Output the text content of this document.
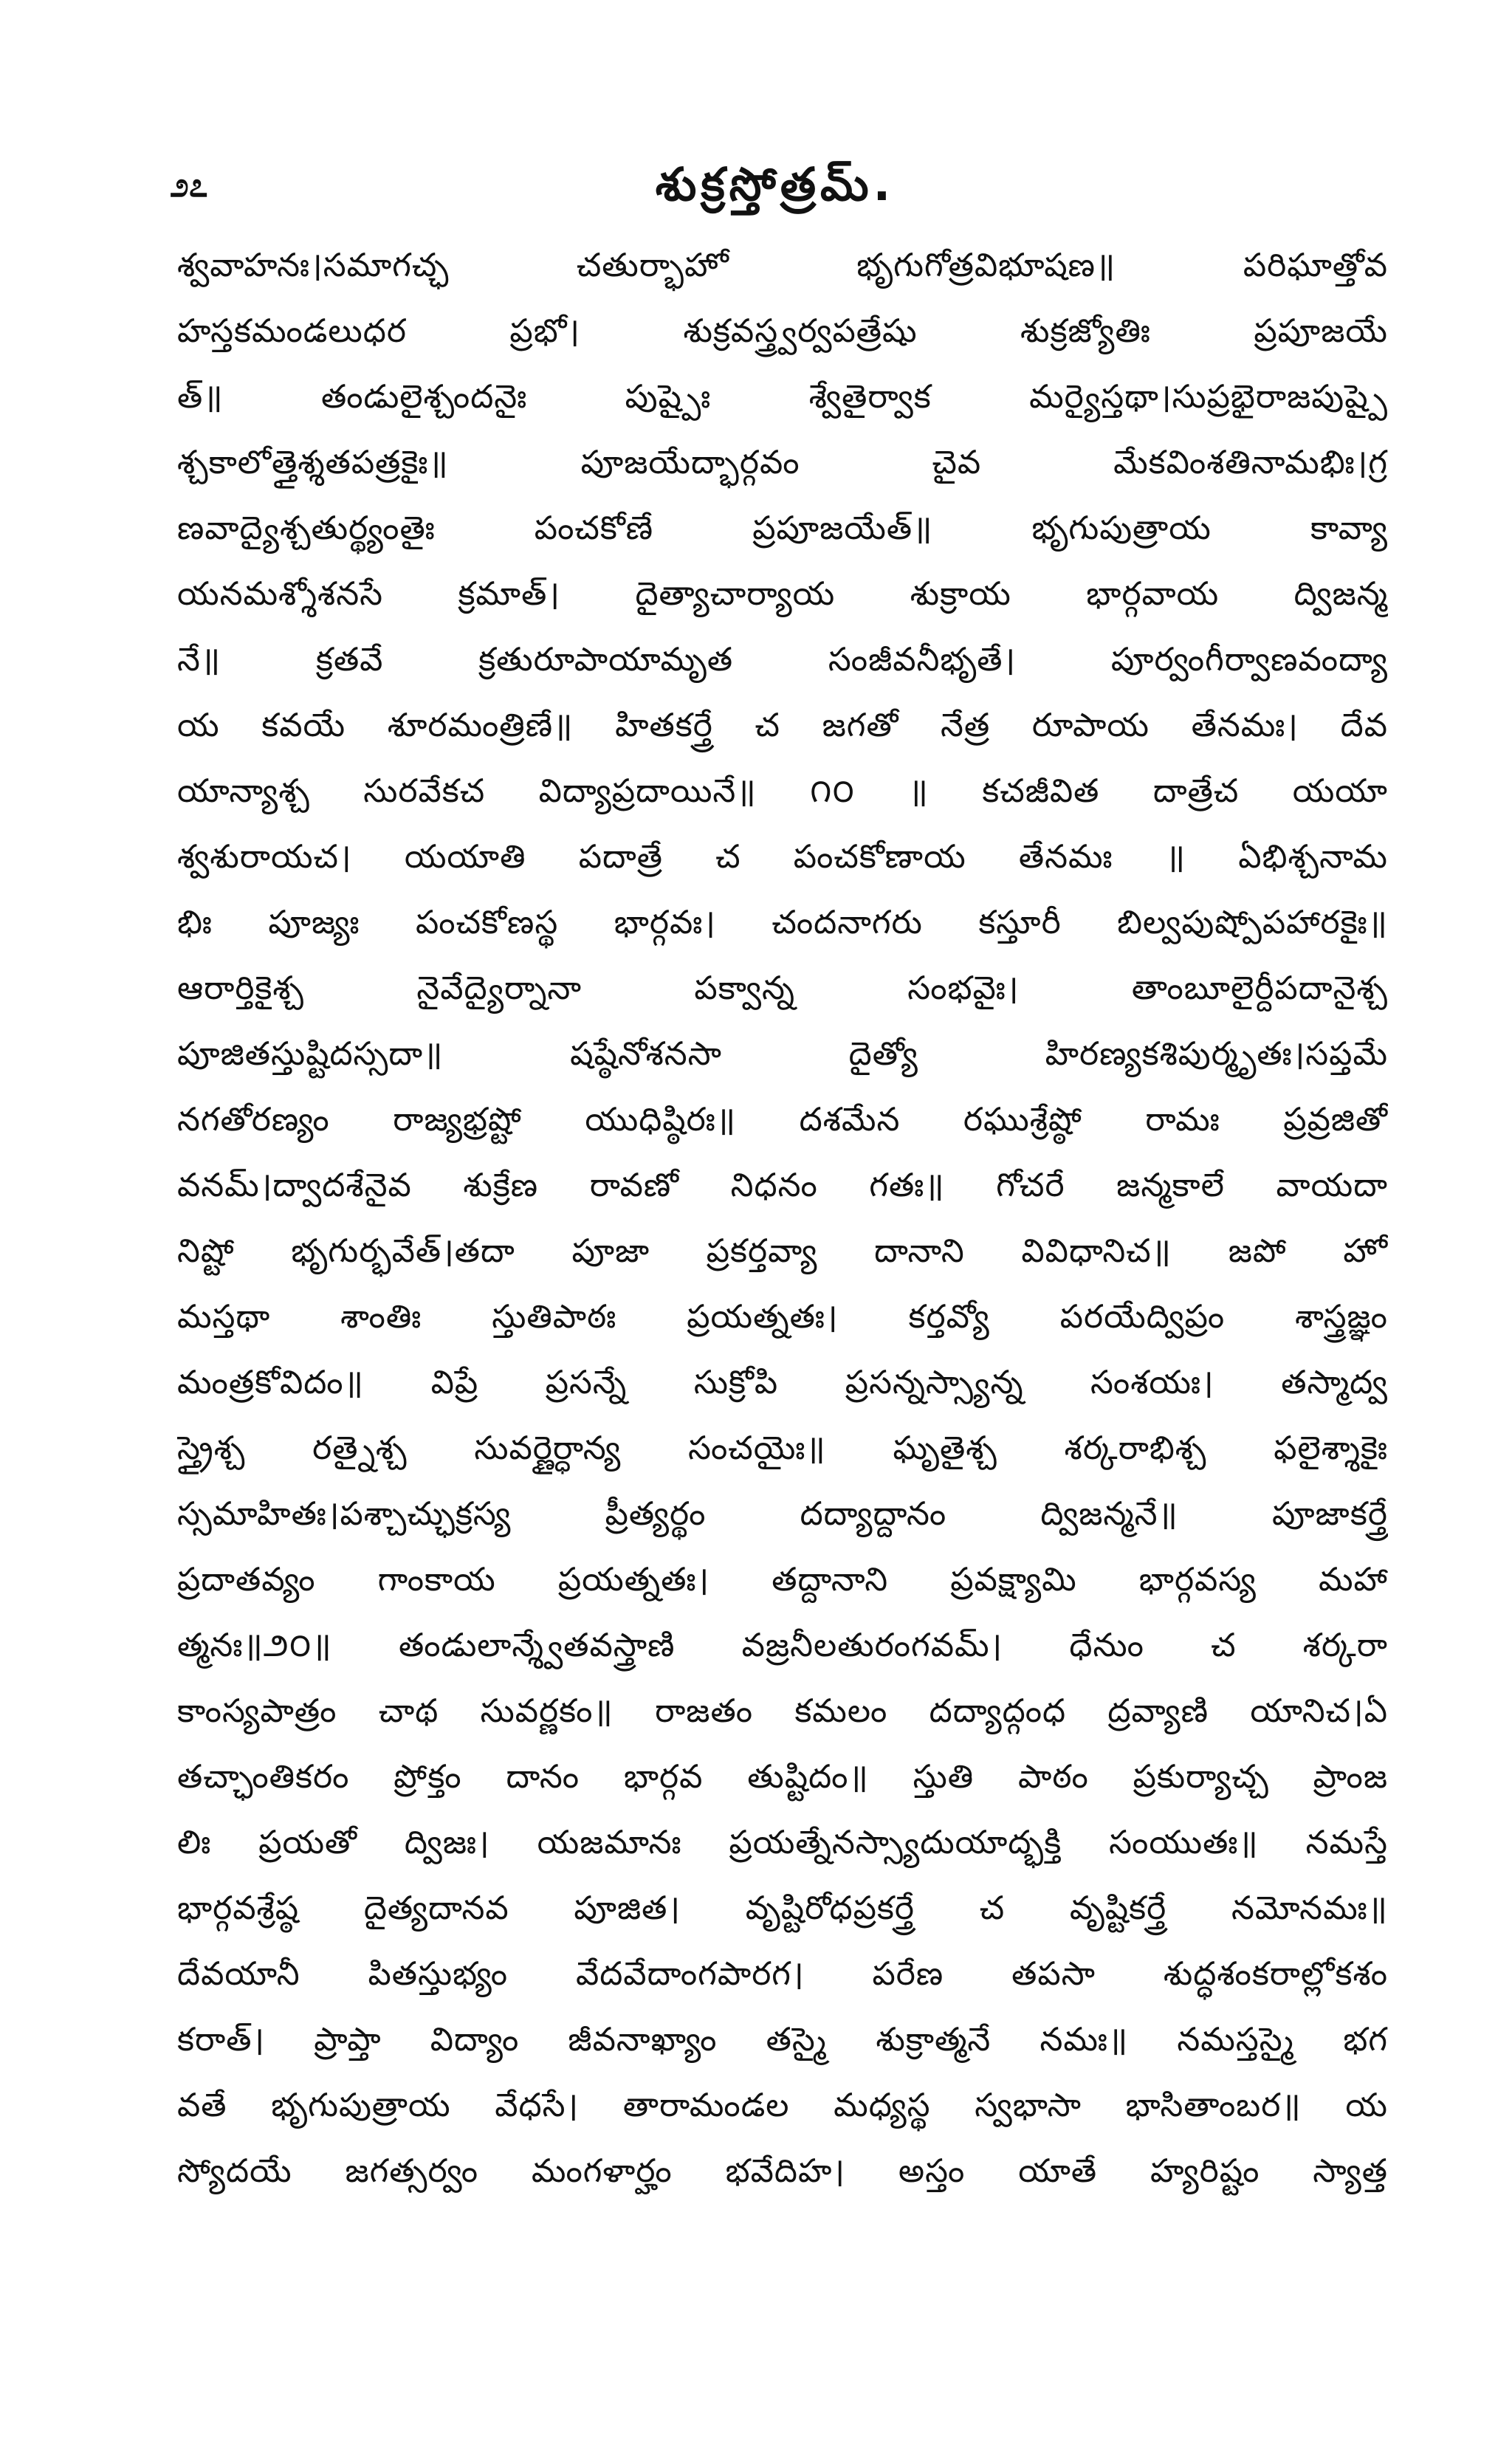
೨೭	శుక్రస్తోత్రమ్.
శ్వవాహనః।సమాగచ్ఛ చతుర్భాహో భృగుగోత్రవిభూషణ॥ పరిఘాత్తోవ
హస్తకమండలుధర ప్రభో। శుక్రవస్త్ర్వర్వపత్రేషు శుక్రజ్యోతిః ప్రపూజయే
త్॥ తండులైశ్చందనైః పుష్పైః శ్వేతైర్వాక మర్యైస్తథా।సుప్రభైరాజపుష్పై
శ్చకాలోత్తైశ్శతపత్రకైః॥ పూజయేద్భార్గవం చైవ మేకవింశతినామభిః।గ్ర
ణవాద్యైశ్చతుర్థ్యంతైః పంచకోణే ప్రపూజయేత్॥ భృగుపుత్రాయ కావ్యా
యనమశ్శోశనసే క్రమాత్। దైత్యాచార్యాయ శుక్రాయ భార్గవాయ ద్విజన్మ
నే॥ క్రతవే క్రతురూపాయామృత సంజీవనీభృతే। పూర్వంగీర్వాణవంద్యా
య కవయే శూరమంత్రిణే॥ హితకర్త్రే చ జగతో నేత్ర రూపాయ తేనమః। దేవ
యాన్యాశ్చ సురవేకచ విద్యాప్రదాయినే॥ ౧౦ ॥ కచజీవిత దాత్రేచ యయా
శ్వశురాయచ। యయాతి పదాత్రే చ పంచకోణాయ తేనమః ॥ ఏభిశ్చనామ
భిః పూజ్యః పంచకోణస్థ భార్గవః। చందనాగరు కస్తూరీ బిల్వపుష్పోపహారకైః॥
ఆరార్తికైశ్చ నైవేద్యైర్నానా పక్వాన్న సంభవైః। తాంబూలైర్దీపదానైశ్చ
పూజితస్తుష్టిదస్సదా॥ షష్ఠేనోశనసా దైత్యో హిరణ్యకశిపుర్మృతః।సప్తమే
నగతోరణ్యం రాజ్యభ్రష్టో యుధిష్ఠిరః॥ దశమేన రఘుశ్రేష్ఠో రామః ప్రవ్రజితో
వనమ్।ద్వాదశేనైవ శుక్రేణ రావణో నిధనం గతః॥ గోచరే జన్మకాలే వాయదా
నిష్టో భృగుర్భవేత్।తదా పూజా ప్రకర్తవ్యా దానాని వివిధానిచ॥ జపో హో
మస్తథా శాంతిః స్తుతిపాఠః ప్రయత్నతః। కర్తవ్యో పరయేద్విప్రం శాస్త్రజ్ఞం
మంత్రకోవిదం॥ విప్రే ప్రసన్నే సుక్రోపి ప్రసన్నస్స్యాన్న సంశయః। తస్మాద్వ
స్త్రైశ్చ రత్నైశ్చ సువర్ణైర్ధాన్య సంచయైః॥ ఘృతైశ్చ శర్కరాభిశ్చ ఫలైశ్శాకైః
స్సమాహితః।పశ్చాచ్ఛుక్రస్య ప్రీత్యర్థం దద్యాద్దానం ద్విజన్మనే॥ పూజాకర్త్రే
ప్రదాతవ్యం గాంకాయ ప్రయత్నతః। తద్దానాని ప్రవక్ష్యామి భార్గవస్య మహా
త్మనః॥౨౦॥ తండులాన్శ్వేతవస్త్రాణి వజ్రనీలతురంగవమ్। ధేనుం చ శర్కరా
కాంస్యపాత్రం చాథ సువర్ణకం॥ రాజతం కమలం దద్యాద్గంధ ద్రవ్యాణి యానిచ।ఏ
తచ్ఛాంతికరం ప్రోక్తం దానం భార్గవ తుష్టిదం॥ స్తుతి పాఠం ప్రకుర్యాచ్చ ప్రాంజ
లిః ప్రయతో ద్విజః। యజమానః ప్రయత్నేనస్స్యాదుయాద్భక్తి సంయుతః॥ నమస్తే
భార్గవశ్రేష్ఠ దైత్యదానవ పూజిత। వృష్టిరోధప్రకర్త్రే చ వృష్టికర్త్రే నమోనమః॥
దేవయానీ పితస్తుభ్యం వేదవేదాంగపారగ। పరేణ తపసా శుద్ధశంకరాల్లోకశం
కరాత్। ప్రాప్తా విద్యాం జీవనాఖ్యాం తస్మై శుక్రాత్మనే నమః॥ నమస్తస్మై భగ
వతే భృగుపుత్రాయ వేధసే। తారామండల మధ్యస్థ స్వభాసా భాసితాంబర॥ య
స్యోదయే జగత్సర్వం మంగళార్హం భవేదిహ। అస్తం యాతే హ్యరిష్టం స్యాత్త
